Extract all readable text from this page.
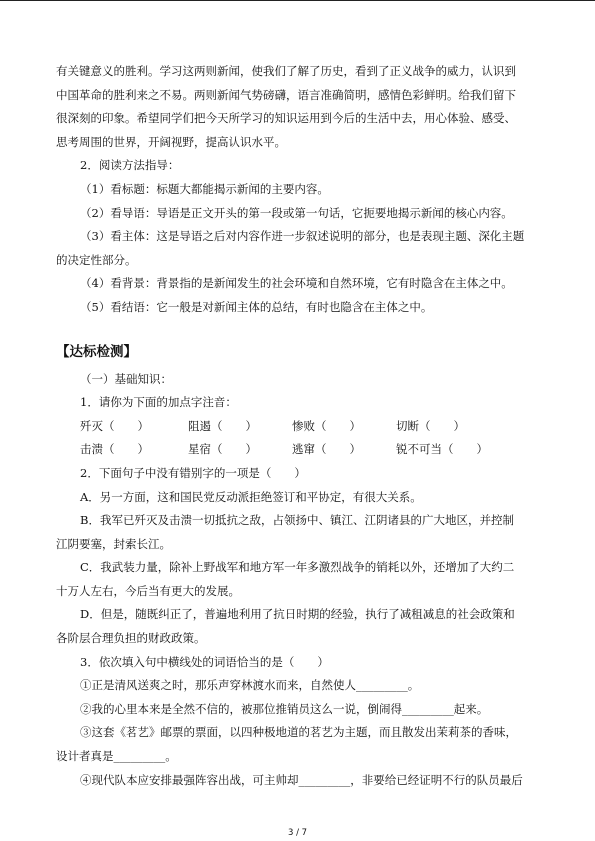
有关键意义的胜利。学习这两则新闻，使我们了解了历史，看到了正义战争的威力，认识到

中国革命的胜利来之不易。两则新闻气势磅礴，语言准确简明，感情色彩鲜明。给我们留下

很深刻的印象。希望同学们把今天所学习的知识运用到今后的生活中去，用心体验、感受、

思考周围的世界，开阔视野，提高认识水平。

2．阅读方法指导：

（1）看标题：标题大都能揭示新闻的主要内容。

（2）看导语：导语是正文开头的第一段或第一句话，它扼要地揭示新闻的核心内容。

（3）看主体：这是导语之后对内容作进一步叙述说明的部分，也是表现主题、深化主题

的决定性部分。

（4）看背景：背景指的是新闻发生的社会环境和自然环境，它有时隐含在主体之中。

（5）看结语：它一般是对新闻主体的总结，有时也隐含在主体之中。

【达标检测】

（一）基础知识：

1．请你为下面的加点字注音：

歼灭（　　）	阻遏（　　）	惨败（　　）	切断（　　）
击溃（　　）	星宿（　　）	逃窜（　　）	锐不可当（　　）

2．下面句子中没有错别字的一项是（　　）

A．另一方面，这和国民党反动派拒绝签订和平协定，有很大关系。

B．我军已歼灭及击溃一切抵抗之敌，占领扬中、镇江、江阴诸县的广大地区，并控制

江阴要塞，封索长江。

C．我武装力量，除补上野战军和地方军一年多激烈战争的销耗以外，还增加了大约二

十万人左右，今后当有更大的发展。

D．但是，随既纠正了，普遍地利用了抗日时期的经验，执行了减租减息的社会政策和

各阶层合理负担的财政政策。

3．依次填入句中横线处的词语恰当的是（　　）

①正是清风送爽之时，那乐声穿林渡水而来，自然使人_________。

②我的心里本来是全然不信的，被那位推销员这么一说，倒闹得_________起来。

③这套《茗艺》邮票的票面，以四种极地道的茗艺为主题，而且散发出茉莉茶的香味，

设计者真是_________。

④现代队本应安排最强阵容出战，可主帅却_________，非要给已经证明不行的队员最后

3 / 7
